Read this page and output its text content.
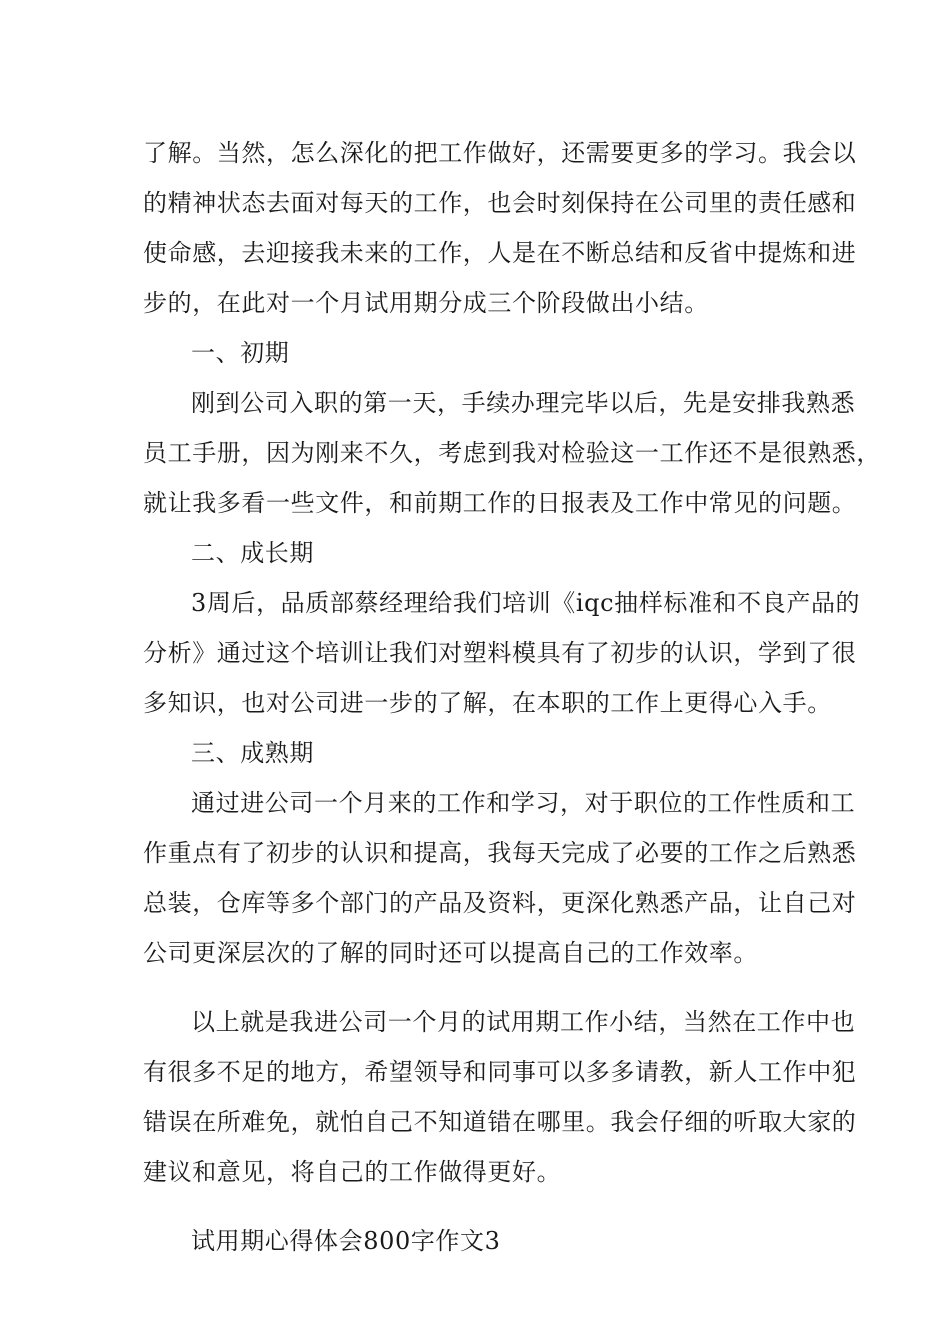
了解。当然，怎么深化的把工作做好，还需要更多的学习。我会以
的精神状态去面对每天的工作，也会时刻保持在公司里的责任感和
使命感，去迎接我未来的工作，人是在不断总结和反省中提炼和进
步的，在此对一个月试用期分成三个阶段做出小结。
一、初期
刚到公司入职的第一天，手续办理完毕以后，先是安排我熟悉
员工手册，因为刚来不久，考虑到我对检验这一工作还不是很熟悉，
就让我多看一些文件，和前期工作的日报表及工作中常见的问题。
二、成长期
3周后，品质部蔡经理给我们培训《iqc抽样标准和不良产品的
分析》通过这个培训让我们对塑料模具有了初步的认识，学到了很
多知识，也对公司进一步的了解，在本职的工作上更得心入手。
三、成熟期
通过进公司一个月来的工作和学习，对于职位的工作性质和工
作重点有了初步的认识和提高，我每天完成了必要的工作之后熟悉
总装，仓库等多个部门的产品及资料，更深化熟悉产品，让自己对
公司更深层次的了解的同时还可以提高自己的工作效率。
以上就是我进公司一个月的试用期工作小结，当然在工作中也
有很多不足的地方，希望领导和同事可以多多请教，新人工作中犯
错误在所难免，就怕自己不知道错在哪里。我会仔细的听取大家的
建议和意见，将自己的工作做得更好。
试用期心得体会800字作文3
